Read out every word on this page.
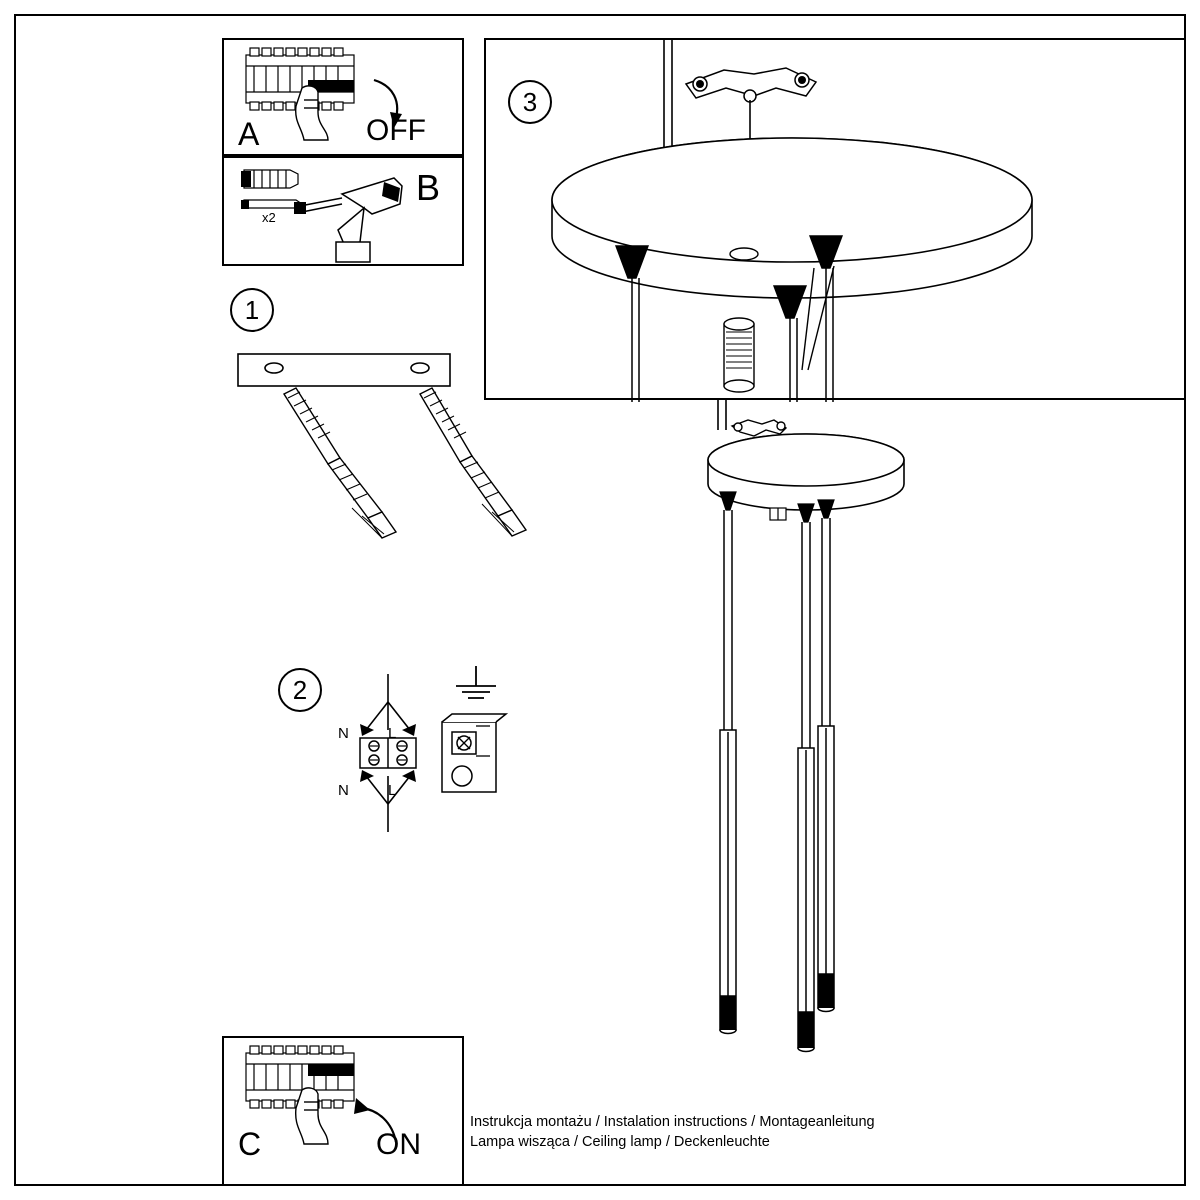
A	OFF
x2
B
3
1
2
N	L
N	L
C	ON
Instrukcja montażu / Instalation instructions / Montageanleitung
Lampa wisząca / Ceiling lamp / Deckenleuchte
